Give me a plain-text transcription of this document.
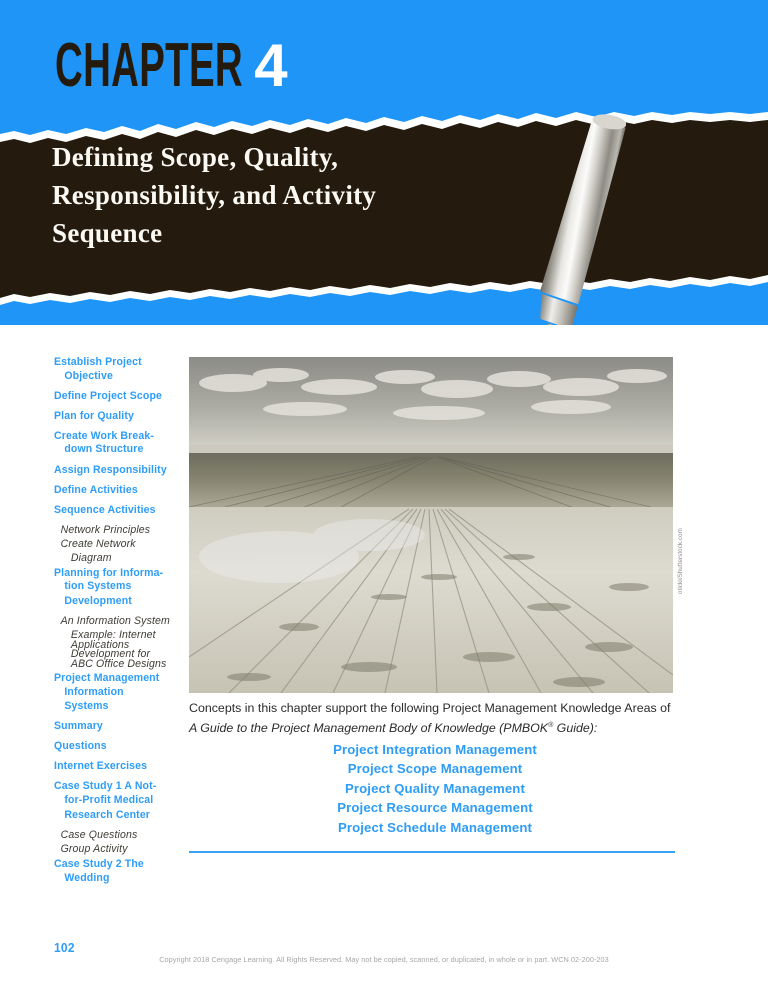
CHAPTER 4
Defining Scope, Quality,
Responsibility, and Activity
Sequence
Establish Project
Objective
Define Project Scope
Plan for Quality
Create Work Break-
down Structure
Assign Responsibility
Define Activities
Sequence Activities
Network Principles
Create Network
Diagram
Planning for Informa-
tion Systems
Development
An Information System
Example: Internet
Applications
Development for
ABC Office Designs
Project Management
Information Systems
Summary
Questions
Internet Exercises
Case Study 1 A Not-
for-Profit Medical
Research Center
Case Questions
Group Activity
Case Study 2 The
Wedding
102
oticki/Shutterstock.com
Concepts in this chapter support the following Project Management Knowledge Areas of
A Guide to the Project Management Body of Knowledge (PMBOK® Guide):
Project Integration Management
Project Scope Management
Project Quality Management
Project Resource Management
Project Schedule Management
Copyright 2018 Cengage Learning. All Rights Reserved. May not be copied, scanned, or duplicated, in whole or in part. WCN 02-200-203
